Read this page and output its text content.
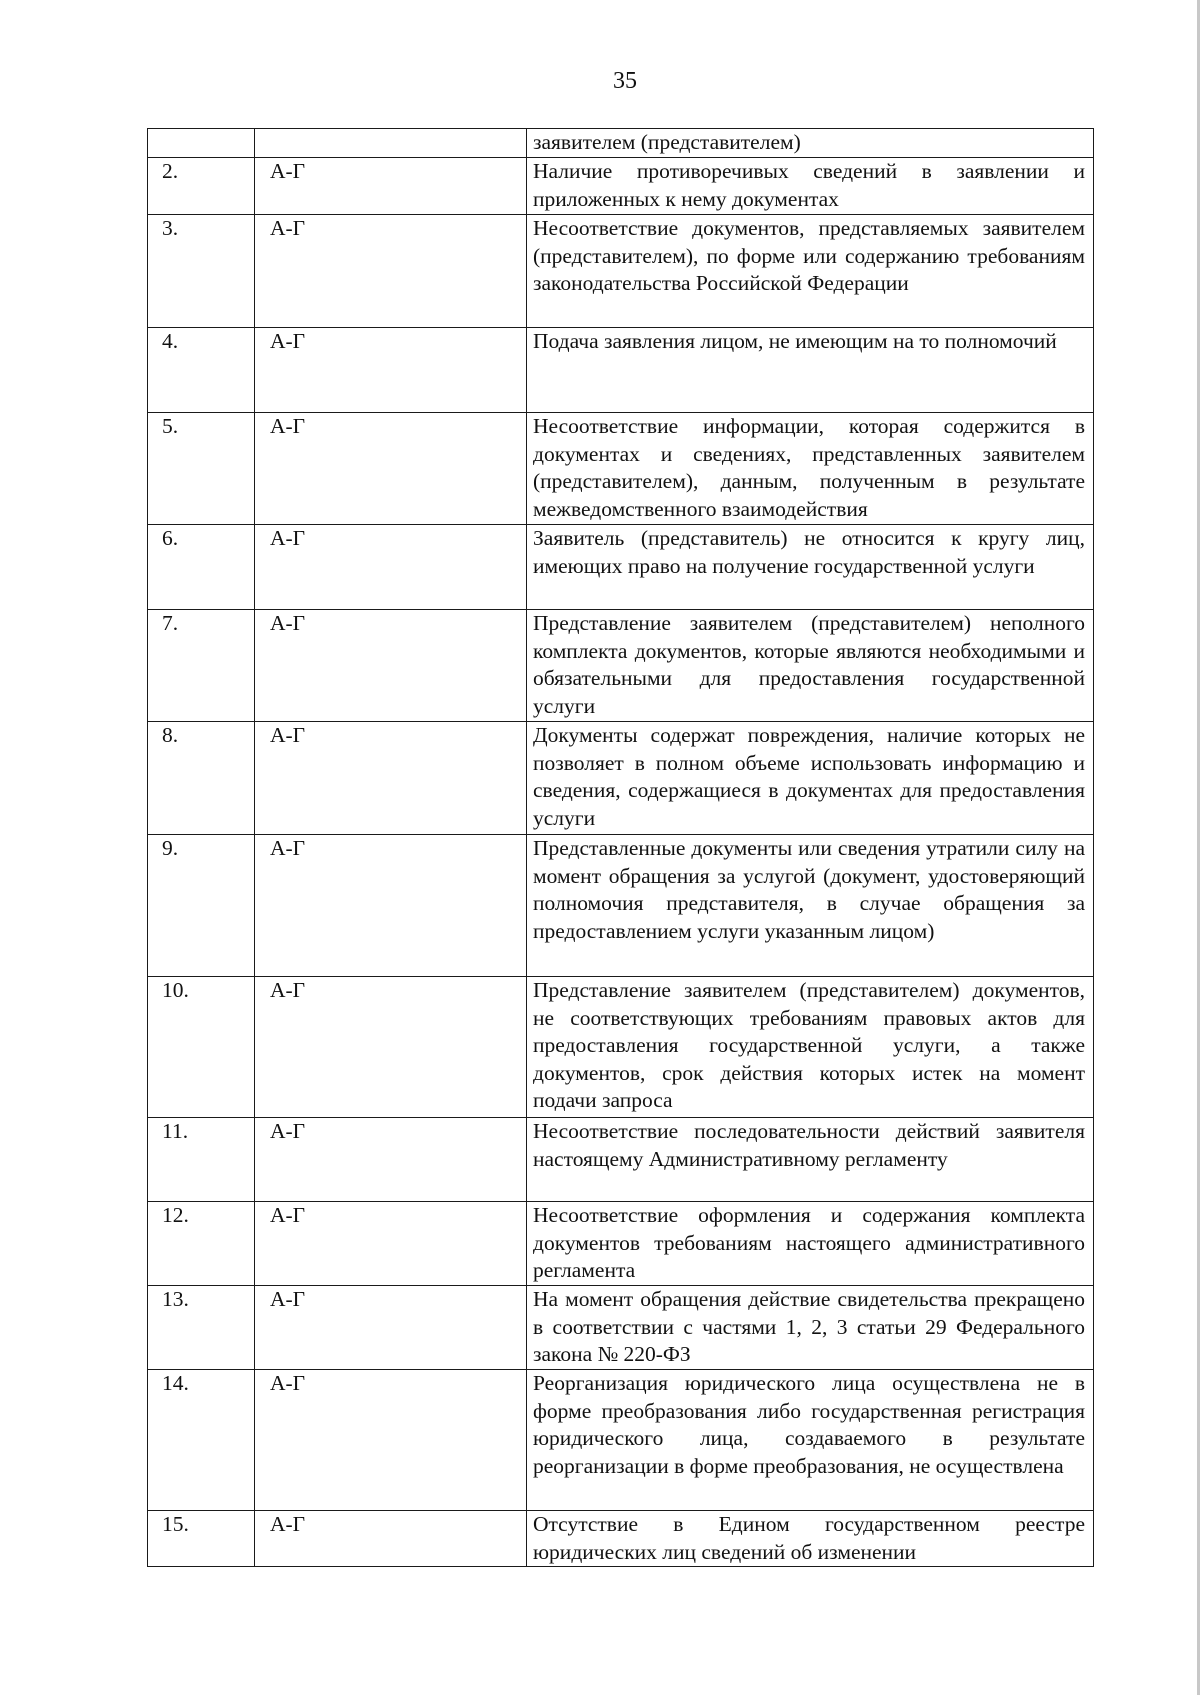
35
		заявителем (представителем)
2.	А-Г	Наличие противоречивых сведений в заявлении и приложенных к нему документах
3.	А-Г	Несоответствие документов, представляемых заявителем (представителем), по форме или содержанию требованиям законодательства Российской Федерации
4.	А-Г	Подача заявления лицом, не имеющим на то полномочий
5.	А-Г	Несоответствие информации, которая содержится в документах и сведениях, представленных заявителем (представителем), данным, полученным в результате межведомственного взаимодействия
6.	А-Г	Заявитель (представитель) не относится к кругу лиц, имеющих право на получение государственной услуги
7.	А-Г	Представление заявителем (представителем) неполного комплекта документов, которые являются необходимыми и обязательными для предоставления государственной услуги
8.	А-Г	Документы содержат повреждения, наличие которых не позволяет в полном объеме использовать информацию и сведения, содержащиеся в документах для предоставления услуги
9.	А-Г	Представленные документы или сведения утратили силу на момент обращения за услугой (документ, удостоверяющий полномочия представителя, в случае обращения за предоставлением услуги указанным лицом)
10.	А-Г	Представление заявителем (представителем) документов, не соответствующих требованиям правовых актов для предоставления государственной услуги, а также документов, срок действия которых истек на момент подачи запроса
11.	А-Г	Несоответствие последовательности действий заявителя настоящему Административному регламенту
12.	А-Г	Несоответствие оформления и содержания комплекта документов требованиям настоящего административного регламента
13.	А-Г	На момент обращения действие свидетельства прекращено в соответствии с частями 1, 2, 3 статьи 29 Федерального закона № 220-ФЗ
14.	А-Г	Реорганизация юридического лица осуществлена не в форме преобразования либо государственная регистрация юридического лица, создаваемого в результате реорганизации в форме преобразования, не осуществлена
15.	А-Г	Отсутствие в Едином государственном реестре юридических лиц сведений об изменении
